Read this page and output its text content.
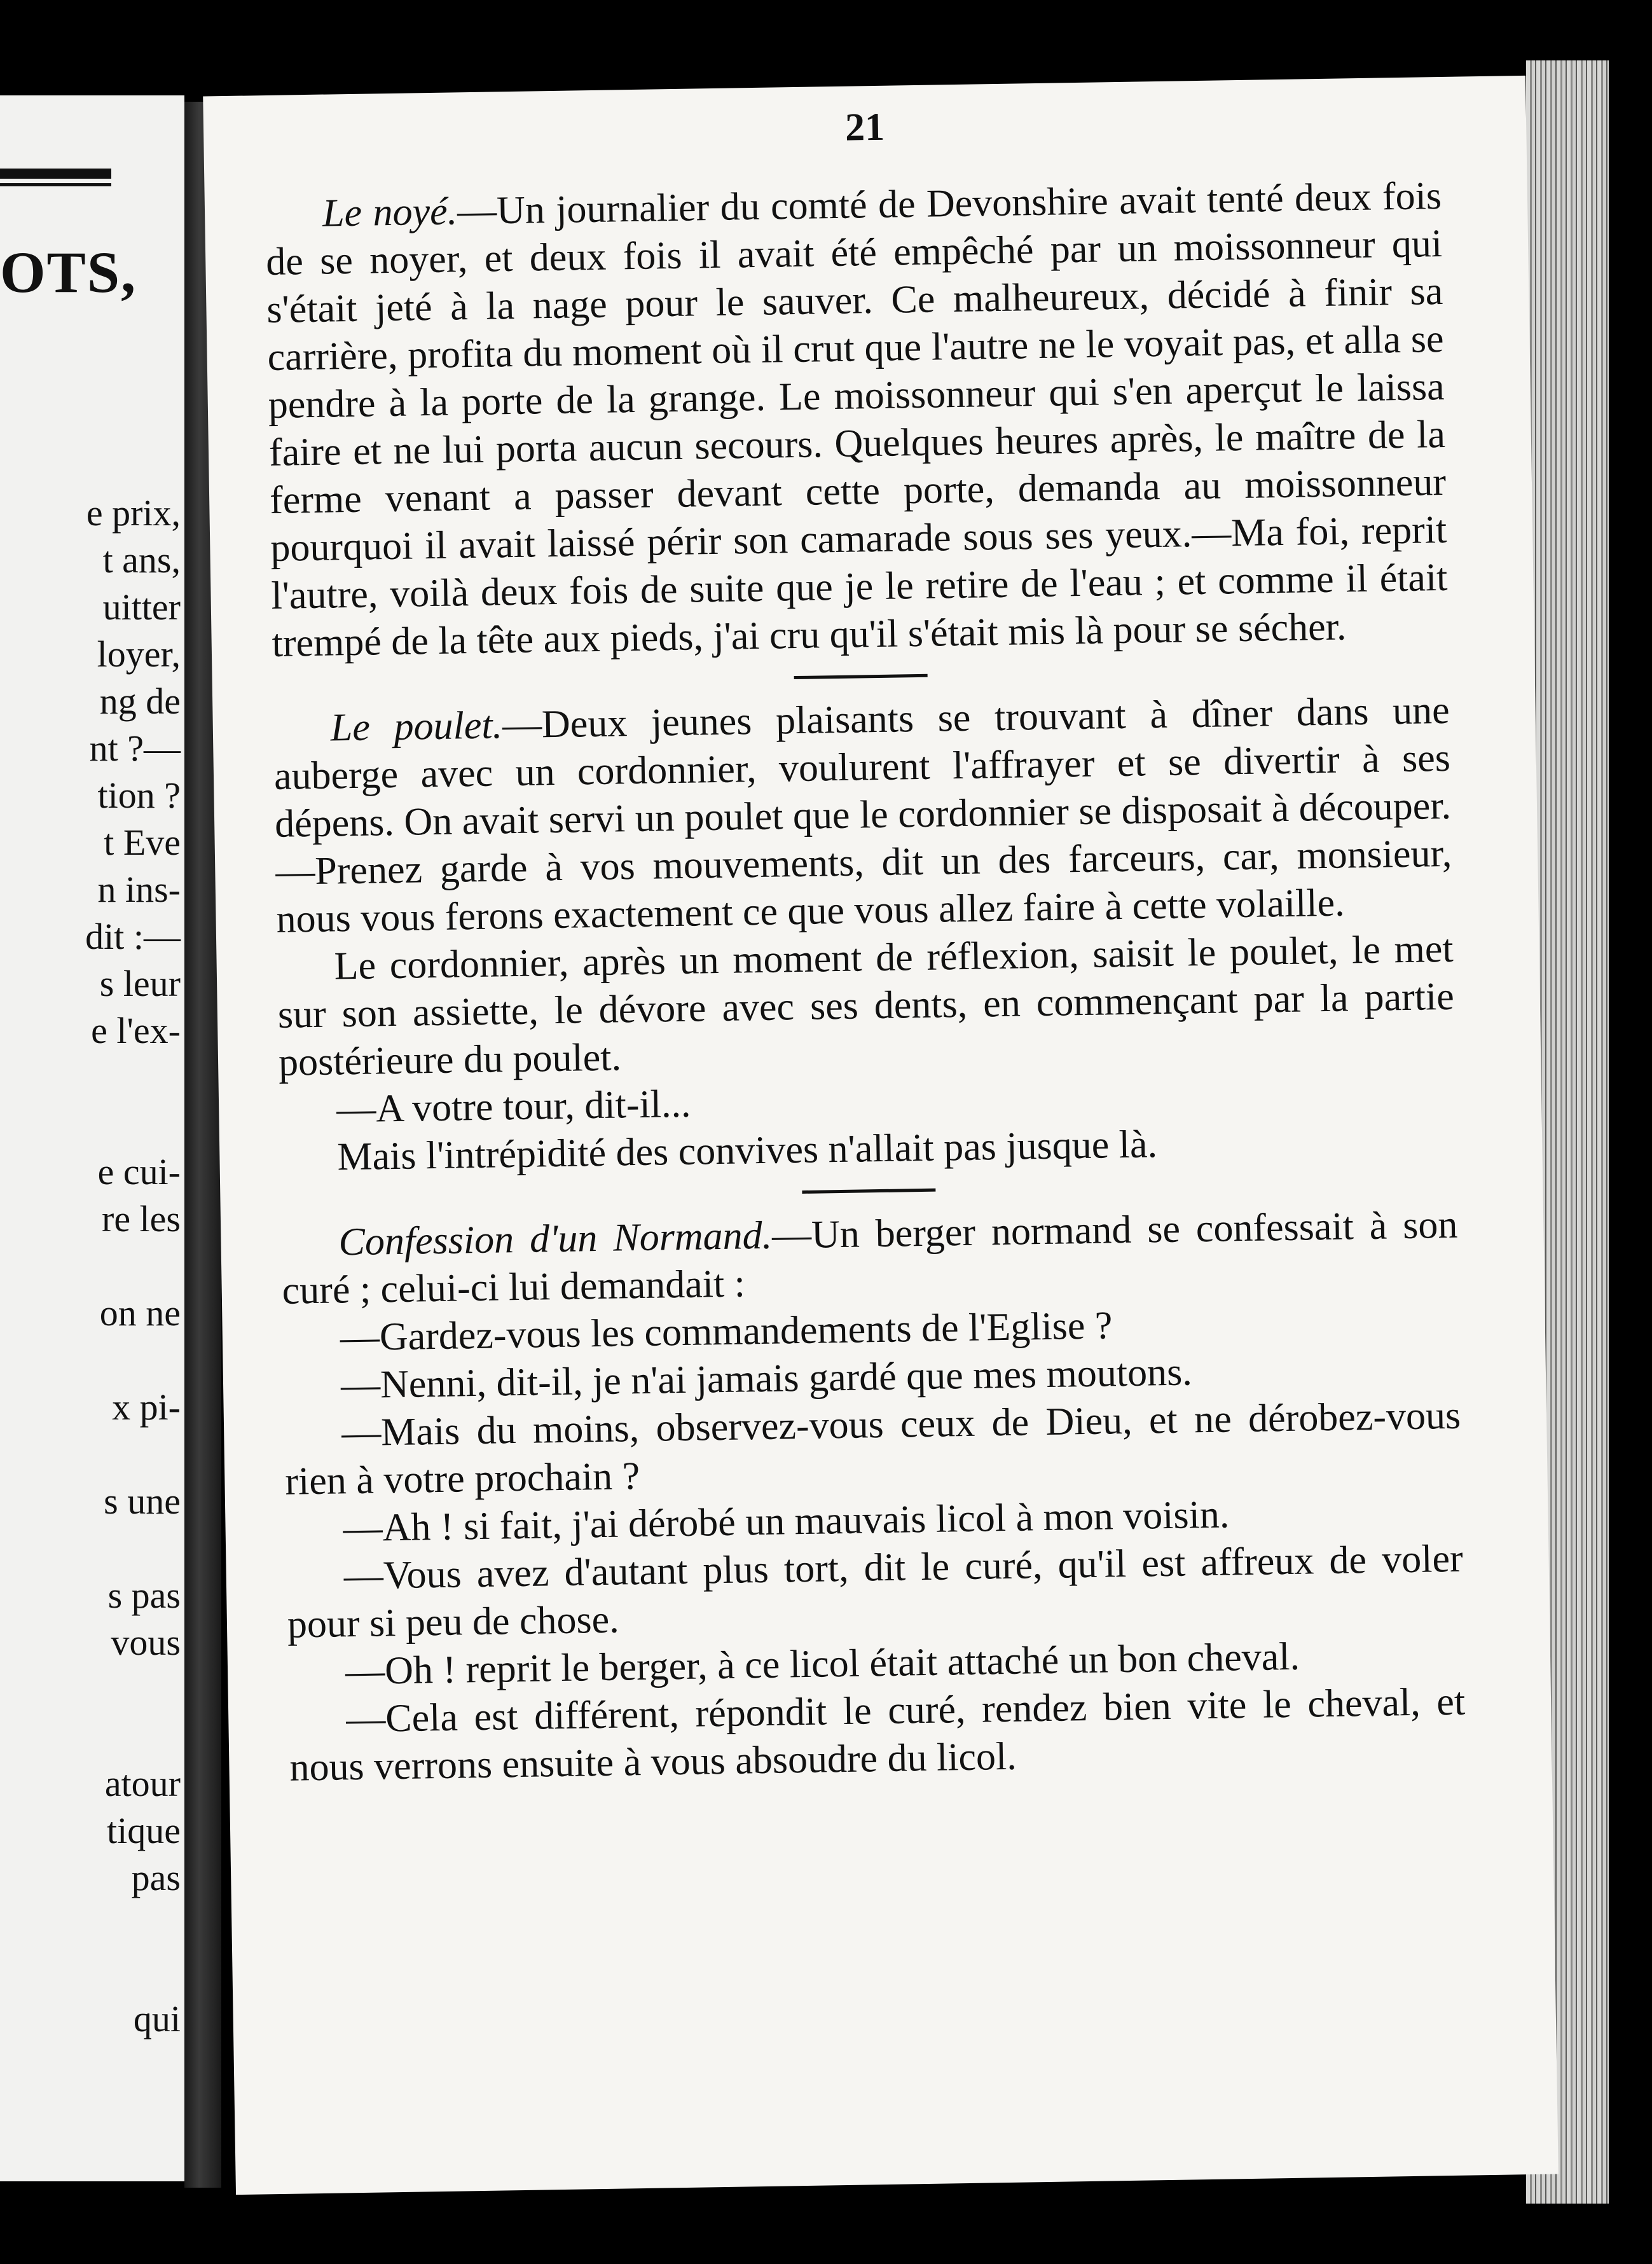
OTS,
e prix,
t ans,
uitter
loyer,
ng de
nt ?—
tion ?
t Eve
n ins-
dit :—
s leur
e l'ex-
e cui-
re les
on ne
x pi-
s une
s pas
vous
atour
tique
pas
qui
21

Le noyé.—Un journalier du comté de Devonshire avait tenté deux fois de se noyer, et deux fois il avait été empêché par un moissonneur qui s'était jeté à la nage pour le sauver. Ce malheureux, décidé à finir sa carrière, profita du moment où il crut que l'autre ne le voyait pas, et alla se pendre à la porte de la grange. Le moissonneur qui s'en aperçut le laissa faire et ne lui porta aucun secours. Quelques heures après, le maître de la ferme venant a passer devant cette porte, demanda au moissonneur pourquoi il avait laissé périr son camarade sous ses yeux.—Ma foi, reprit l'autre, voilà deux fois de suite que je le retire de l'eau ; et comme il était trempé de la tête aux pieds, j'ai cru qu'il s'était mis là pour se sécher.

Le poulet.—Deux jeunes plaisants se trouvant à dîner dans une auberge avec un cordonnier, voulurent l'affrayer et se divertir à ses dépens. On avait servi un poulet que le cordonnier se disposait à découper.—Prenez garde à vos mouvements, dit un des farceurs, car, monsieur, nous vous ferons exactement ce que vous allez faire à cette volaille.

Le cordonnier, après un moment de réflexion, saisit le poulet, le met sur son assiette, le dévore avec ses dents, en commençant par la partie postérieure du poulet.

—A votre tour, dit-il...

Mais l'intrépidité des convives n'allait pas jusque là.

Confession d'un Normand.—Un berger normand se confessait à son curé ; celui-ci lui demandait :

—Gardez-vous les commandements de l'Eglise ?

—Nenni, dit-il, je n'ai jamais gardé que mes moutons.

—Mais du moins, observez-vous ceux de Dieu, et ne dérobez-vous rien à votre prochain ?

—Ah ! si fait, j'ai dérobé un mauvais licol à mon voisin.

—Vous avez d'autant plus tort, dit le curé, qu'il est affreux de voler pour si peu de chose.

—Oh ! reprit le berger, à ce licol était attaché un bon cheval.

—Cela est différent, répondit le curé, rendez bien vite le cheval, et nous verrons ensuite à vous absoudre du licol.
